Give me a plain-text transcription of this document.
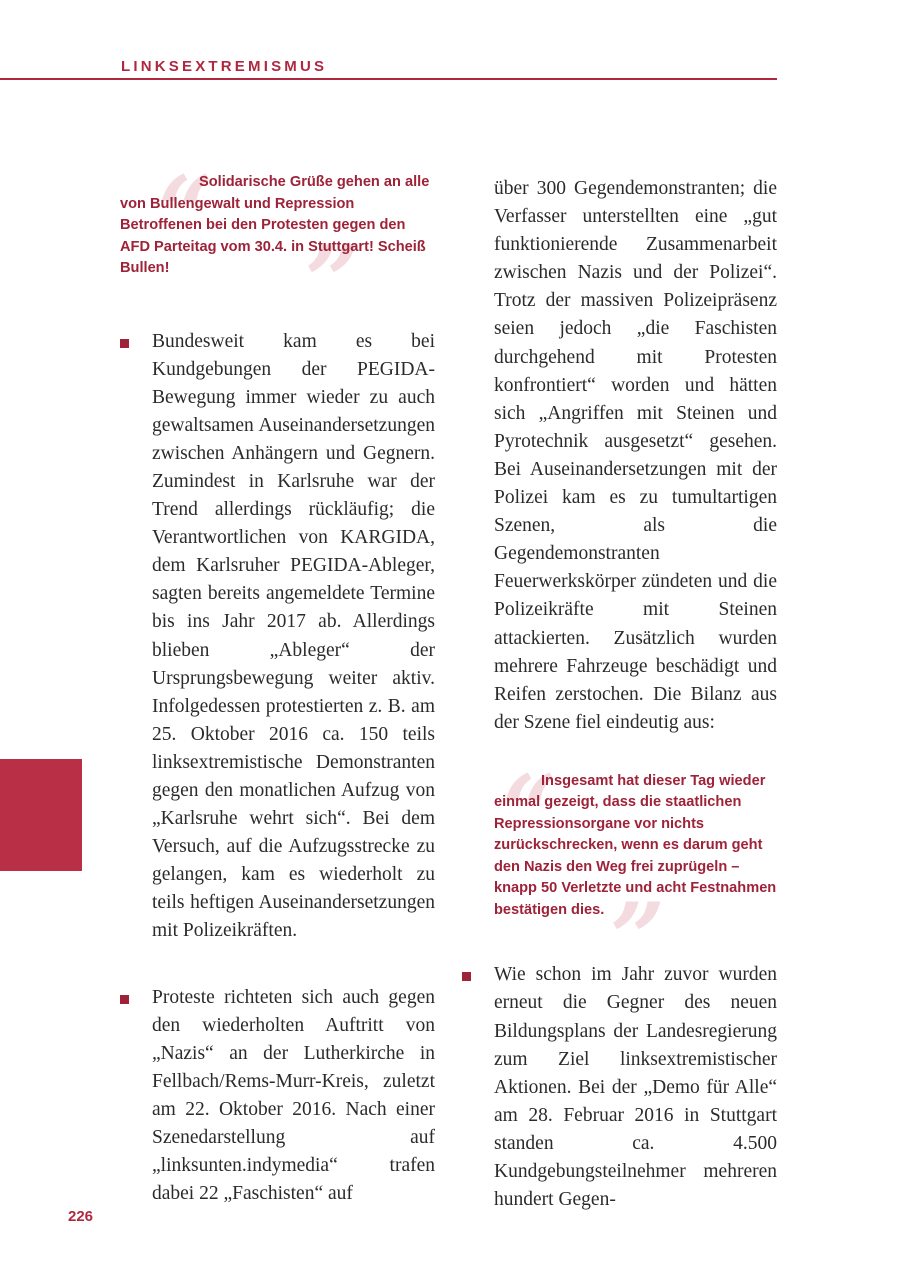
LINKSEXTREMISMUS
“
”
Solidarische Grüße gehen an alle von Bullengewalt und Repression Betroffenen bei den Protesten gegen den AFD Parteitag vom 30.4. in Stuttgart! Scheiß Bullen!
Bundesweit kam es bei Kundgebungen der PEGIDA-Bewegung immer wieder zu auch gewaltsamen Auseinandersetzungen zwischen Anhängern und Gegnern. Zumindest in Karlsruhe war der Trend allerdings rückläufig; die Verantwortlichen von KARGIDA, dem Karlsruher PEGIDA-Ableger, sagten bereits angemeldete Termine bis ins Jahr 2017 ab. Allerdings blieben „Ableger“ der Ursprungsbewegung weiter aktiv. Infolgedessen protestierten z. B. am 25. Oktober 2016 ca. 150 teils linksextremistische Demonstranten gegen den monatlichen Aufzug von „Karlsruhe wehrt sich“. Bei dem Versuch, auf die Aufzugsstrecke zu gelangen, kam es wiederholt zu teils heftigen Auseinandersetzungen mit Polizeikräften.
Proteste richteten sich auch gegen den wiederholten Auftritt von „Nazis“ an der Lutherkirche in Fellbach/Rems-Murr-Kreis, zuletzt am 22. Oktober 2016. Nach einer Szenedarstellung auf „linksunten.indymedia“ trafen dabei 22 „Faschisten“ auf
über 300 Gegendemonstranten; die Verfasser unterstellten eine „gut funktionierende Zusammenarbeit zwischen Nazis und der Polizei“. Trotz der massiven Polizeipräsenz seien jedoch „die Faschisten durchgehend mit Protesten konfrontiert“ worden und hätten sich „Angriffen mit Steinen und Pyrotechnik ausgesetzt“ gesehen. Bei Auseinandersetzungen mit der Polizei kam es zu tumultartigen Szenen, als die Gegendemonstranten Feuerwerkskörper zündeten und die Polizeikräfte mit Steinen attackierten. Zusätzlich wurden mehrere Fahrzeuge beschädigt und Reifen zerstochen. Die Bilanz aus der Szene fiel eindeutig aus:
“
”
Insgesamt hat dieser Tag wieder einmal gezeigt, dass die staatlichen Repressionsorgane vor nichts zurückschrecken, wenn es darum geht den Nazis den Weg frei zuprügeln – knapp 50 Verletzte und acht Festnahmen bestätigen dies.
Wie schon im Jahr zuvor wurden erneut die Gegner des neuen Bildungsplans der Landesregierung zum Ziel linksextremistischer Aktionen. Bei der „Demo für Alle“ am 28. Februar 2016 in Stuttgart standen ca. 4.500 Kundgebungsteilnehmer mehreren hundert Gegen-
226
